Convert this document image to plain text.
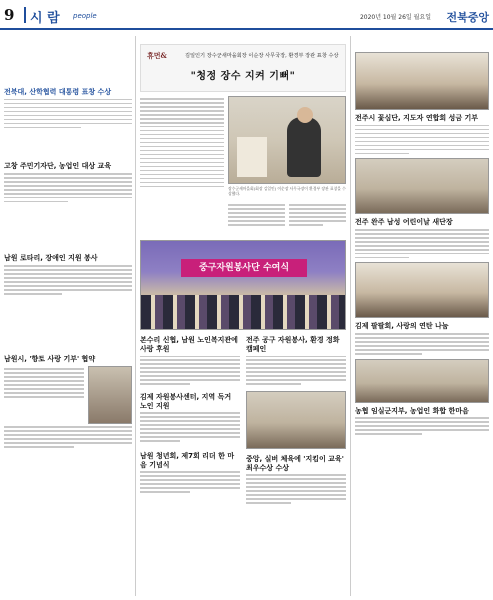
9 시 람 people	2020년 10월 26일 월요일 전북중앙
전북대, 산학협력 대통령 표창 수상
고창 주민기자단, 농업인 대상 교육
남원 로타리, 장애인 지원 봉사
남원시, '향토 사랑 기부' 협약
휴먼&	김일인기 장수군새마을회장 이순장 사무국장, 환경부 장관 표창 수상
"청정 장수 지켜 기뻐"
장수군새마을회(회장 김일인) 이순장 사무국장이 환경부 장관 표창을 수상했다.
중구자원봉사단 수여식
본수리 신협, 남원 노인복지관에 사랑 후원
김제 자원봉사센터, 지역 독거 노인 지원
남원 청년회, 제7회 리더 한 마음 기념식
전주 공구 자원봉사, 환경 정화 캠페인
중앙, 실버 체육에 '지킴이 교육' 최우수상 수상
전주시 꽃심단, 지도자 연합회 성금 기부
전주 완주 남성 어린이날 새단장
김제 팔팔회, 사랑의 연탄 나눔
농협 임실군지부, 농업인 화합 한마음
